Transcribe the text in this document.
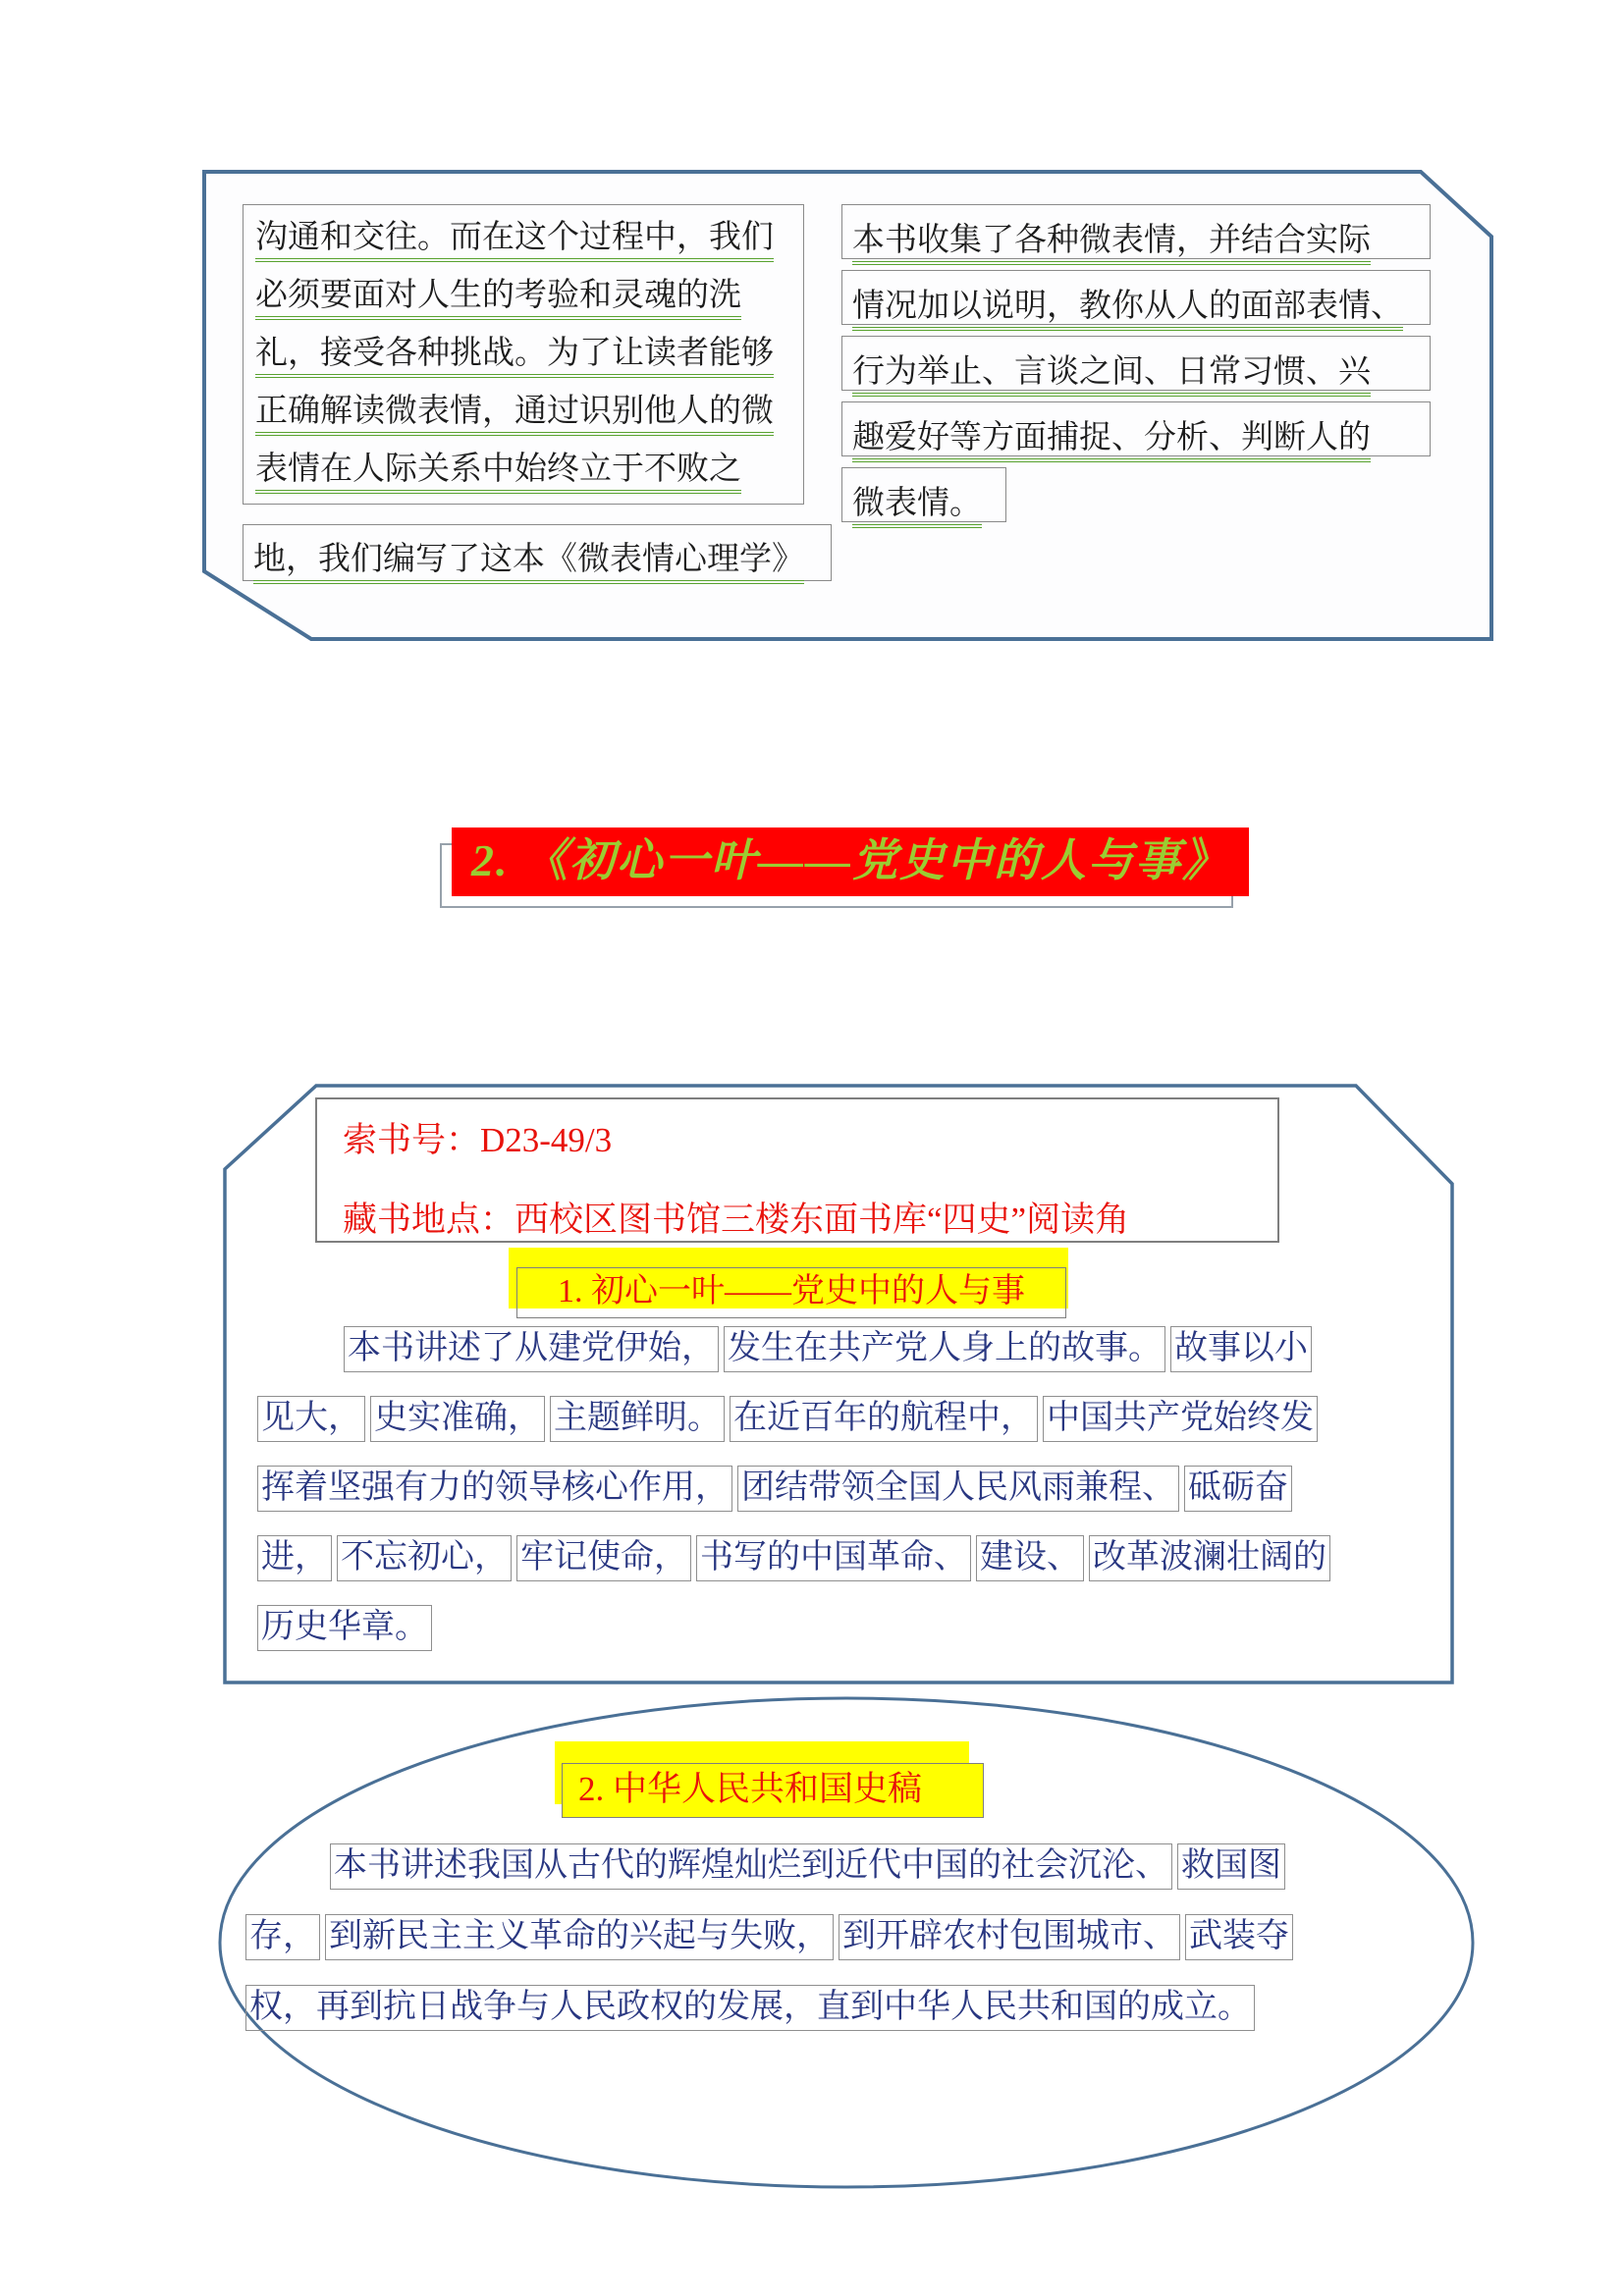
沟通和交往。而在这个过程中，我们
必须要面对人生的考验和灵魂的洗
礼，接受各种挑战。为了让读者能够
正确解读微表情，通过识别他人的微
表情在人际关系中始终立于不败之
地，我们编写了这本《微表情心理学》
本书收集了各种微表情，并结合实际
情况加以说明，教你从人的面部表情、
行为举止、言谈之间、日常习惯、兴
趣爱好等方面捕捉、分析、判断人的
微表情。
2. 《初心一叶——党史中的人与事》
索书号：D23-49/3
藏书地点：西校区图书馆三楼东面书库“四史”阅读角
1. 初心一叶——党史中的人与事
本书讲述了从建党伊始， 发生在共产党人身上的故事。 故事以小
见大， 史实准确， 主题鲜明。 在近百年的航程中， 中国共产党始终发
挥着坚强有力的领导核心作用， 团结带领全国人民风雨兼程、 砥砺奋
进， 不忘初心， 牢记使命， 书写的中国革命、 建设、 改革波澜壮阔的
历史华章。
2. 中华人民共和国史稿
本书讲述我国从古代的辉煌灿烂到近代中国的社会沉沦、 救国图
存， 到新民主主义革命的兴起与失败， 到开辟农村包围城市、 武装夺
权，再到抗日战争与人民政权的发展，直到中华人民共和国的成立。
